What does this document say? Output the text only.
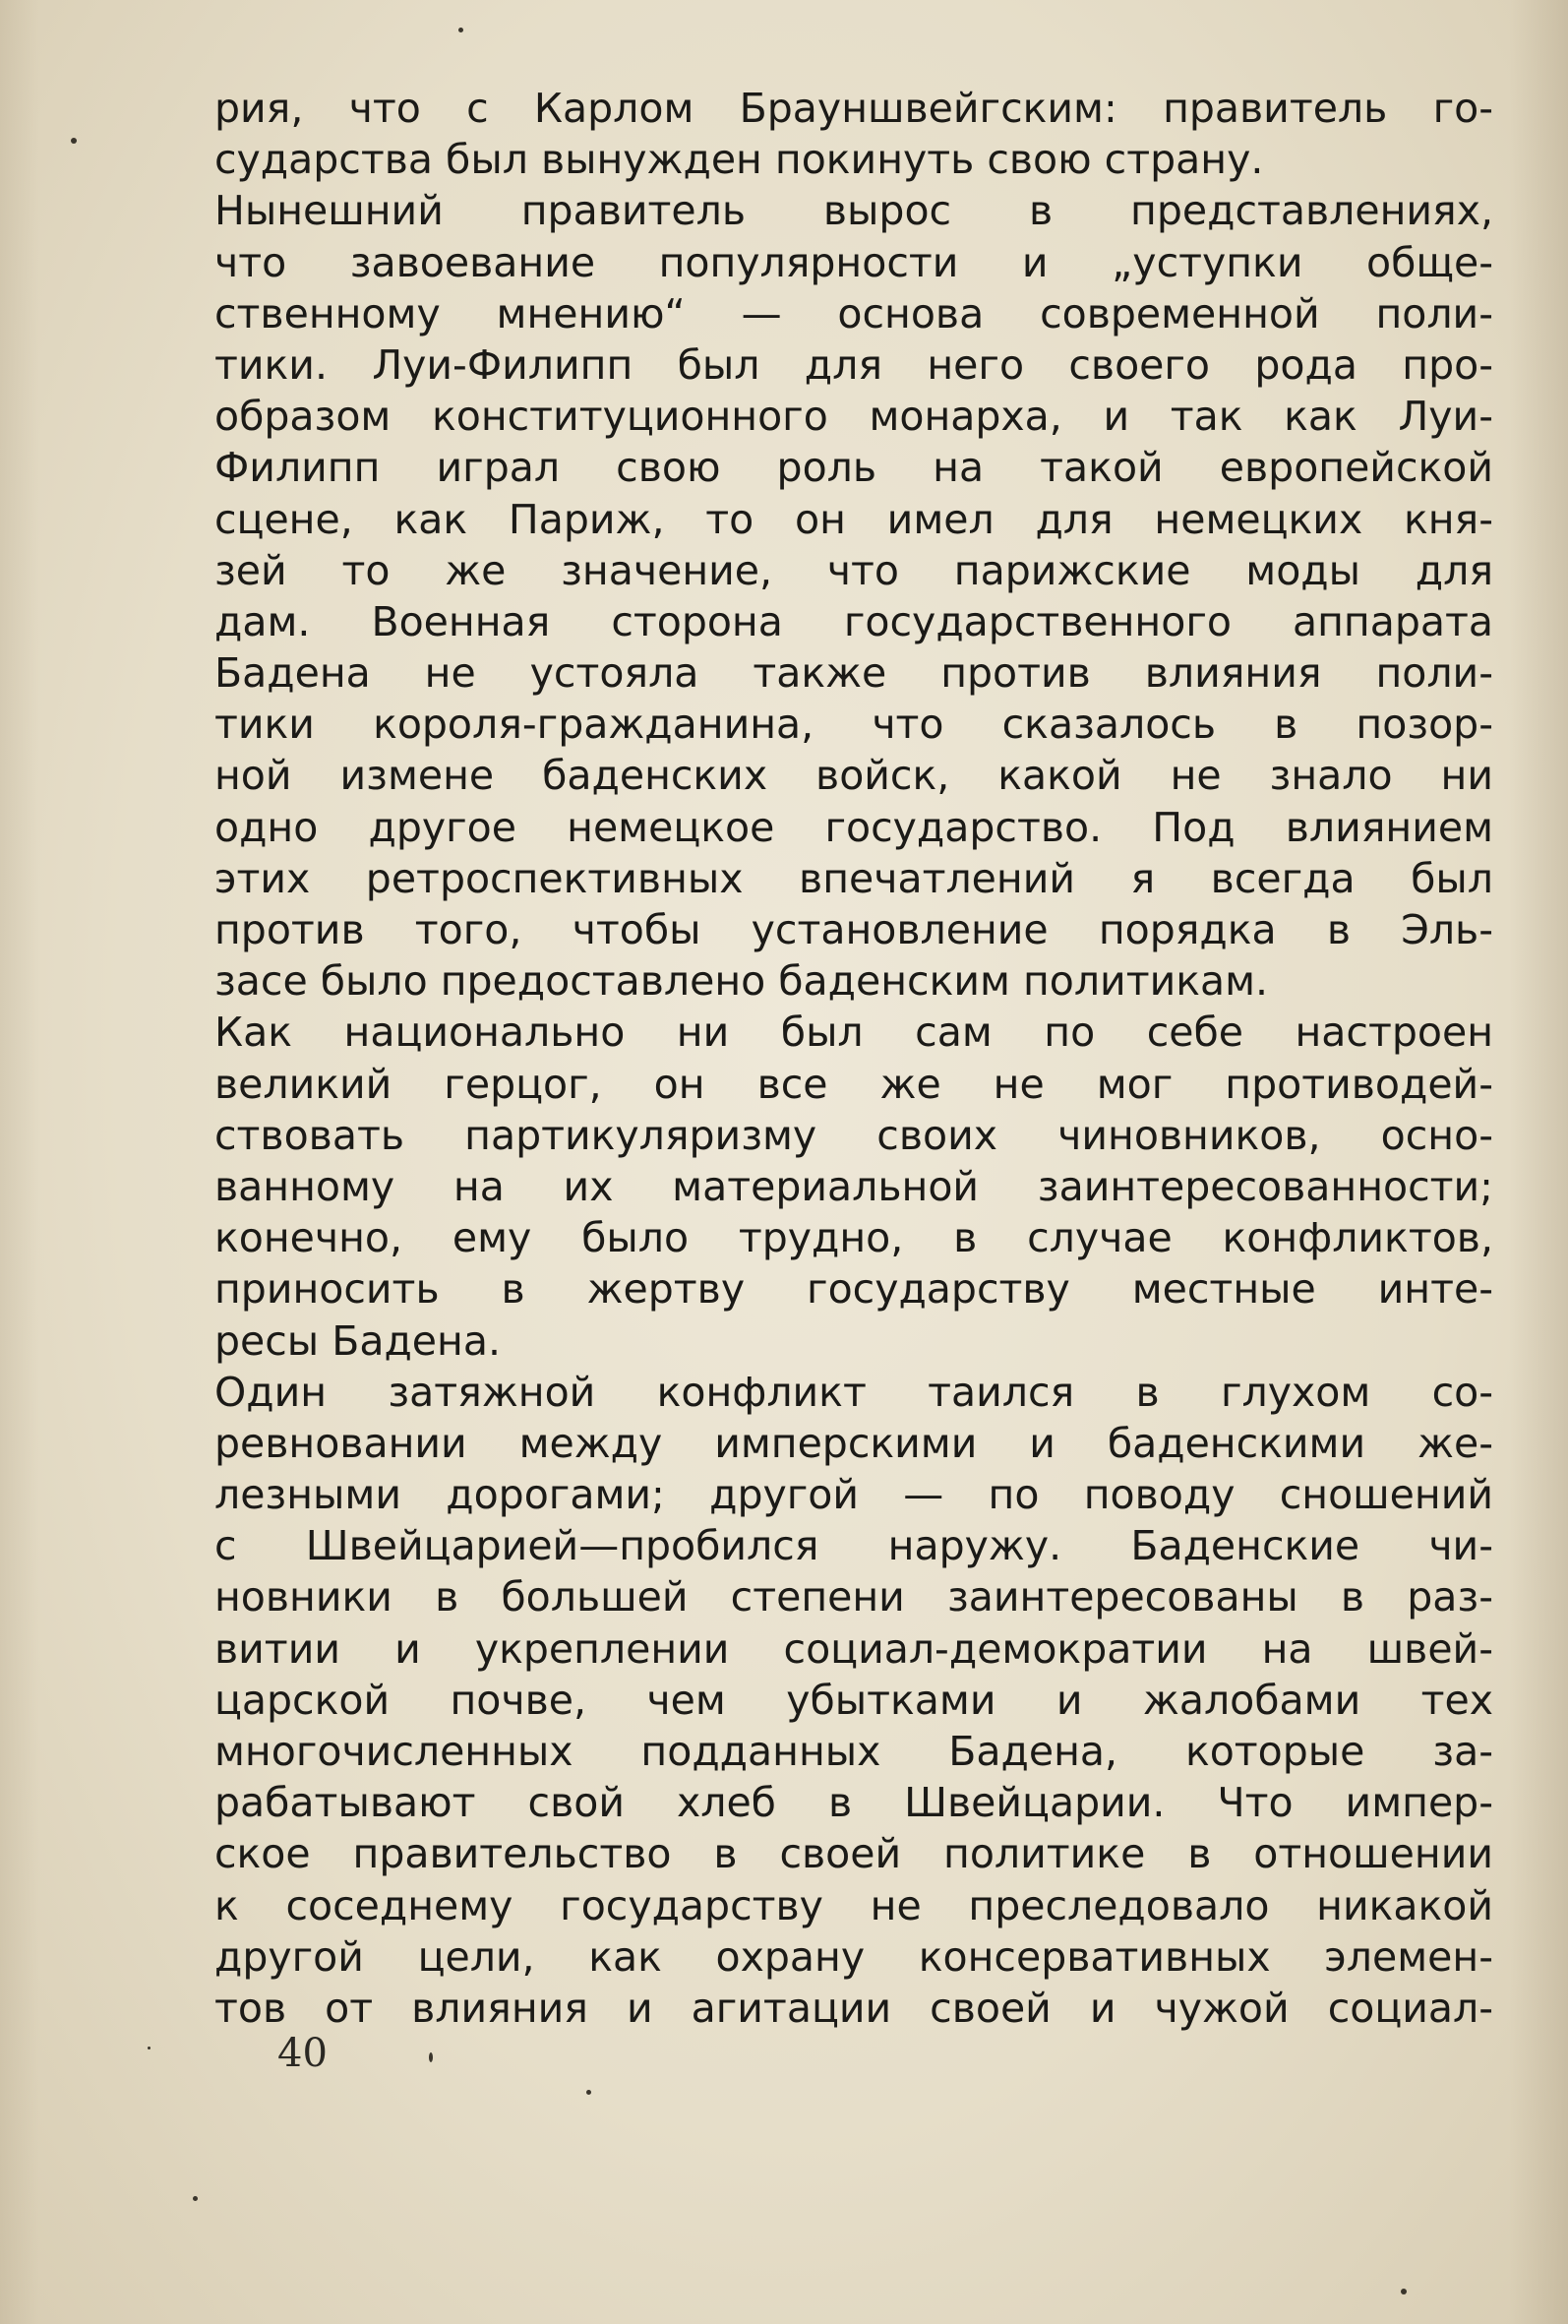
рия, что с Карлом Брауншвейгским: правитель го-
сударства был вынужден покинуть свою страну.
Нынешний правитель вырос в представлениях,
что завоевание популярности и „уступки обще-
ственному мнению“ — основа современной поли-
тики. Луи-Филипп был для него своего рода про-
образом конституционного монарха, и так как Луи-
Филипп играл свою роль на такой европейской
сцене, как Париж, то он имел для немецких кня-
зей то же значение, что парижские моды для
дам. Военная сторона государственного аппарата
Бадена не устояла также против влияния поли-
тики короля-гражданина, что сказалось в позор-
ной измене баденских войск, какой не знало ни
одно другое немецкое государство. Под влиянием
этих ретроспективных впечатлений я всегда был
против того, чтобы установление порядка в Эль-
засе было предоставлено баденским политикам.
Как национально ни был сам по себе настроен
великий герцог, он все же не мог противодей-
ствовать партикуляризму своих чиновников, осно-
ванному на их материальной заинтересованности;
конечно, ему было трудно, в случае конфликтов,
приносить в жертву государству местные инте-
ресы Бадена.
Один затяжной конфликт таился в глухом со-
ревновании между имперскими и баденскими же-
лезными дорогами; другой — по поводу сношений
с Швейцарией—пробился наружу. Баденские чи-
новники в большей степени заинтересованы в раз-
витии и укреплении социал-демократии на швей-
царской почве, чем убытками и жалобами тех
многочисленных подданных Бадена, которые за-
рабатывают свой хлеб в Швейцарии. Что импер-
ское правительство в своей политике в отношении
к соседнему государству не преследовало никакой
другой цели, как охрану консервативных элемен-
тов от влияния и агитации своей и чужой социал-
40
